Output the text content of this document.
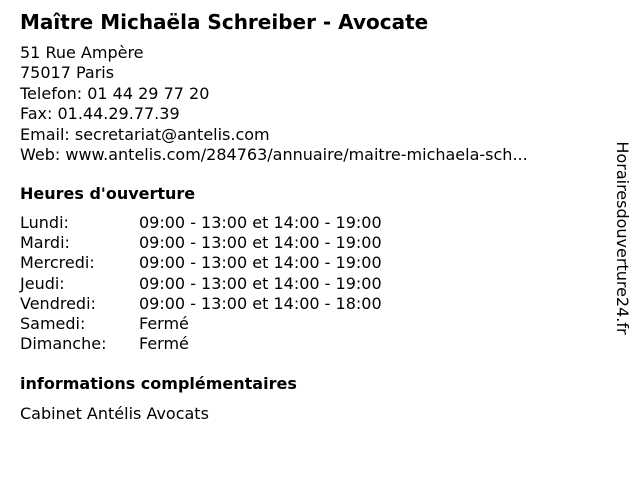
Maître Michaëla Schreiber - Avocate
51 Rue Ampère
75017 Paris
Telefon: 01 44 29 77 20
Fax: 01.44.29.77.39
Email: secretariat@antelis.com
Web: www.antelis.com/284763/annuaire/maitre-michaela-sch...
Heures d'ouverture
Lundi:	09:00 - 13:00 et 14:00 - 19:00
Mardi:	09:00 - 13:00 et 14:00 - 19:00
Mercredi:	09:00 - 13:00 et 14:00 - 19:00
Jeudi:	09:00 - 13:00 et 14:00 - 19:00
Vendredi:	09:00 - 13:00 et 14:00 - 18:00
Samedi:	Fermé
Dimanche: Fermé
informations complémentaires
Cabinet Antélis Avocats
Horairesdouverture24.fr
